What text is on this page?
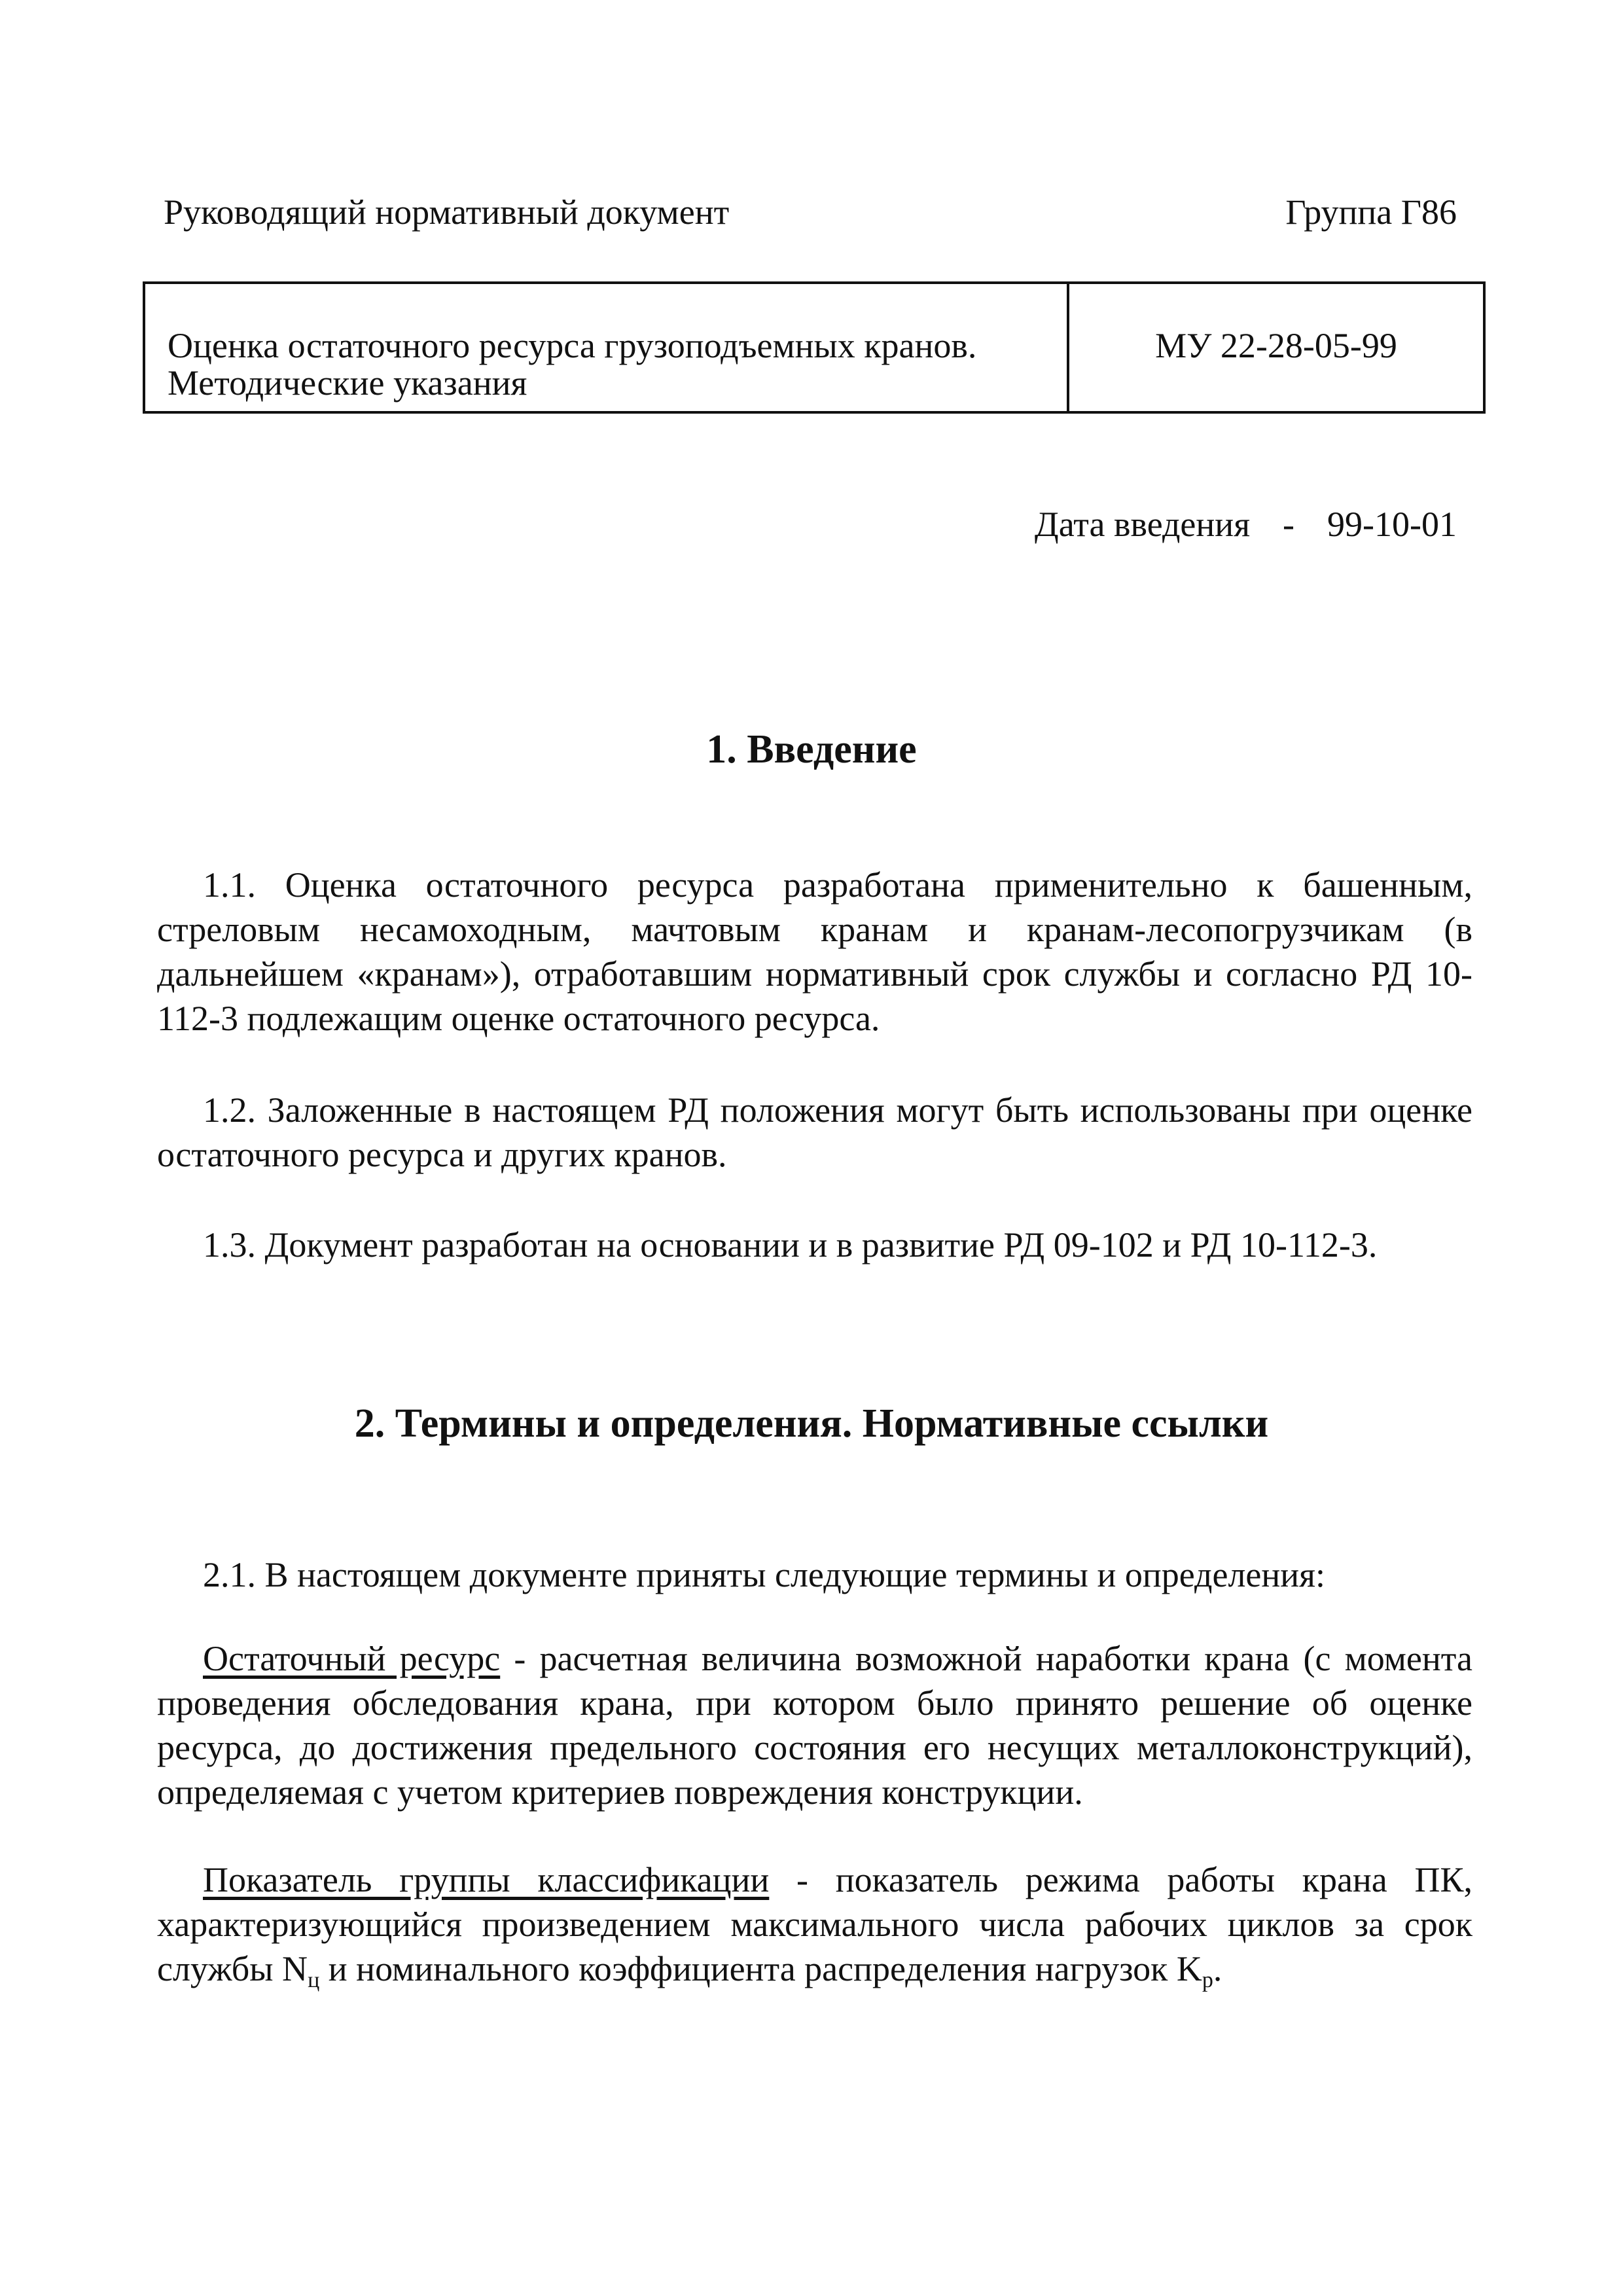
Руководящий нормативный документ	Группа Г86
Оценка остаточного ресурса грузоподъемных кранов.
Методические указания
МУ 22-28-05-99
Дата введения - 99-10-01
1. Введение
1.1. Оценка остаточного ресурса разработана применительно к башенным, стреловым несамоходным, мачтовым кранам и кранам-лесопогрузчикам (в дальнейшем «кранам»), отработавшим нормативный срок службы и согласно РД 10-112-3 подлежащим оценке остаточного ресурса.
1.2. Заложенные в настоящем РД положения могут быть использованы при оценке остаточного ресурса и других кранов.
1.3. Документ разработан на основании и в развитие РД 09-102 и РД 10-112-3.
2. Термины и определения. Нормативные ссылки
2.1. В настоящем документе приняты следующие термины и определения:
Остаточный ресурс - расчетная величина возможной наработки крана (с момента проведения обследования крана, при котором было принято решение об оценке ресурса, до достижения предельного состояния его несущих металлоконструкций), определяемая с учетом критериев повреждения конструкции.
Показатель группы классификации - показатель режима работы крана ПК, характеризующийся произведением максимального числа рабочих циклов за срок службы $N_ц$ и номинального коэффициента распределения нагрузок $K_р$.
